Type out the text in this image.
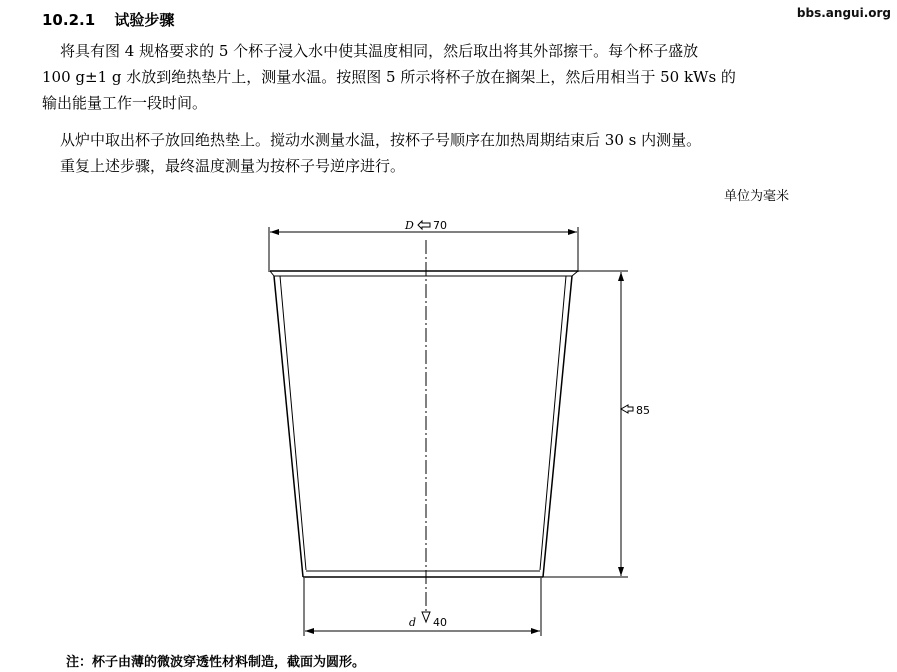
10.2.1 试验步骤	bbs.angui.org
将具有图 4 规格要求的 5 个杯子浸入水中使其温度相同，然后取出将其外部擦干。每个杯子盛放
100 g±1 g 水放到绝热垫片上，测量水温。按照图 5 所示将杯子放在搁架上，然后用相当于 50 kWs 的
输出能量工作一段时间。
从炉中取出杯子放回绝热垫上。搅动水测量水温，按杯子号顺序在加热周期结束后 30 s 内测量。
重复上述步骤，最终温度测量为按杯子号逆序进行。
单位为毫米
D 70
85
d 40
注：杯子由薄的微波穿透性材料制造，截面为圆形。
